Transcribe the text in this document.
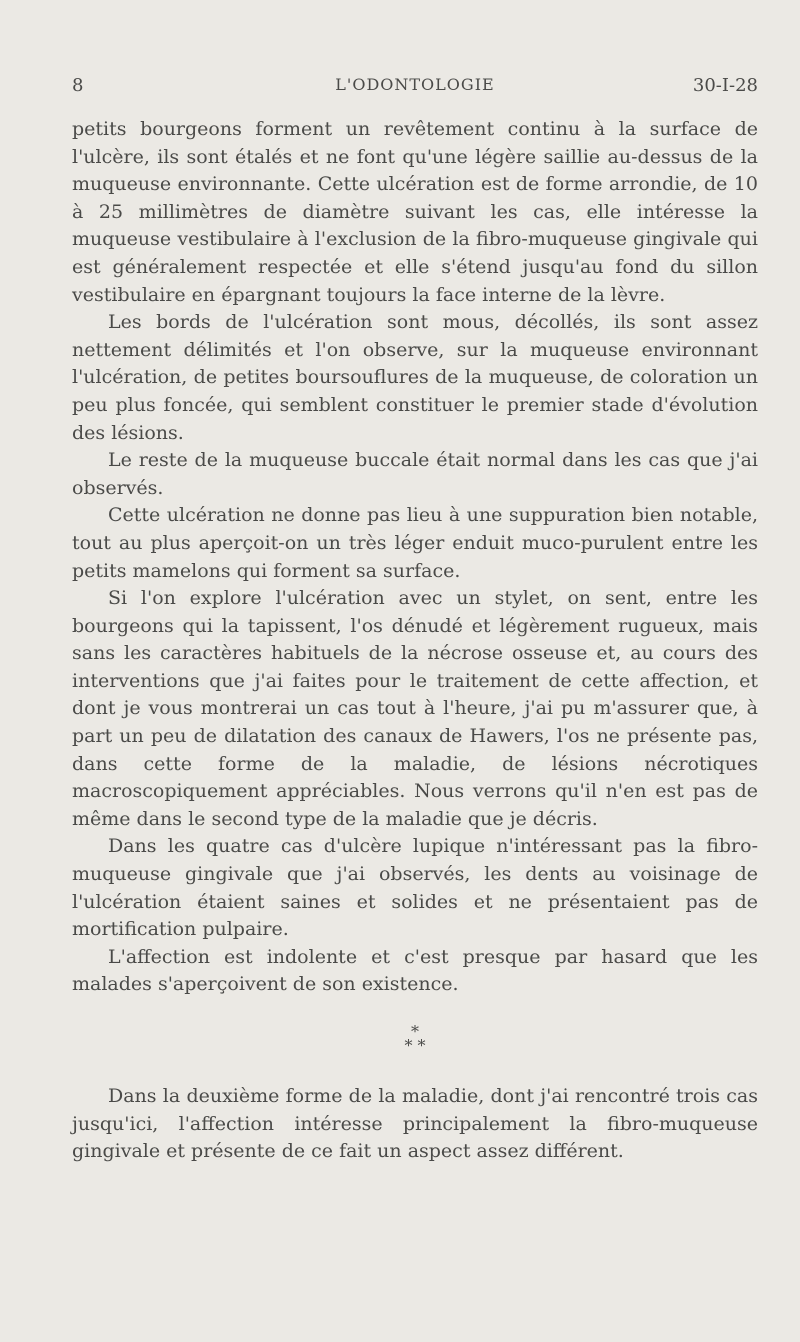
8	L'ODONTOLOGIE	30-I-28

petits bourgeons forment un revêtement continu à la surface de l'ulcère, ils sont étalés et ne font qu'une légère saillie au-dessus de la muqueuse environnante. Cette ulcération est de forme arrondie, de 10 à 25 millimètres de diamètre suivant les cas, elle intéresse la muqueuse vestibulaire à l'exclusion de la fibro-muqueuse gingivale qui est généralement respectée et elle s'étend jusqu'au fond du sillon vestibulaire en épargnant toujours la face interne de la lèvre.

Les bords de l'ulcération sont mous, décollés, ils sont assez nettement délimités et l'on observe, sur la muqueuse environnant l'ulcération, de petites boursouflures de la muqueuse, de coloration un peu plus foncée, qui semblent constituer le premier stade d'évolution des lésions.

Le reste de la muqueuse buccale était normal dans les cas que j'ai observés.

Cette ulcération ne donne pas lieu à une suppuration bien notable, tout au plus aperçoit-on un très léger enduit muco-purulent entre les petits mamelons qui forment sa surface.

Si l'on explore l'ulcération avec un stylet, on sent, entre les bourgeons qui la tapissent, l'os dénudé et légèrement rugueux, mais sans les caractères habituels de la nécrose osseuse et, au cours des interventions que j'ai faites pour le traitement de cette affection, et dont je vous montrerai un cas tout à l'heure, j'ai pu m'assurer que, à part un peu de dilatation des canaux de Hawers, l'os ne présente pas, dans cette forme de la maladie, de lésions nécrotiques macroscopiquement appréciables. Nous verrons qu'il n'en est pas de même dans le second type de la maladie que je décris.

Dans les quatre cas d'ulcère lupique n'intéressant pas la fibro-muqueuse gingivale que j'ai observés, les dents au voisinage de l'ulcération étaient saines et solides et ne présentaient pas de mortification pulpaire.

L'affection est indolente et c'est presque par hasard que les malades s'aperçoivent de son existence.

*
* *

Dans la deuxième forme de la maladie, dont j'ai rencontré trois cas jusqu'ici, l'affection intéresse principalement la fibro-muqueuse gingivale et présente de ce fait un aspect assez différent.
